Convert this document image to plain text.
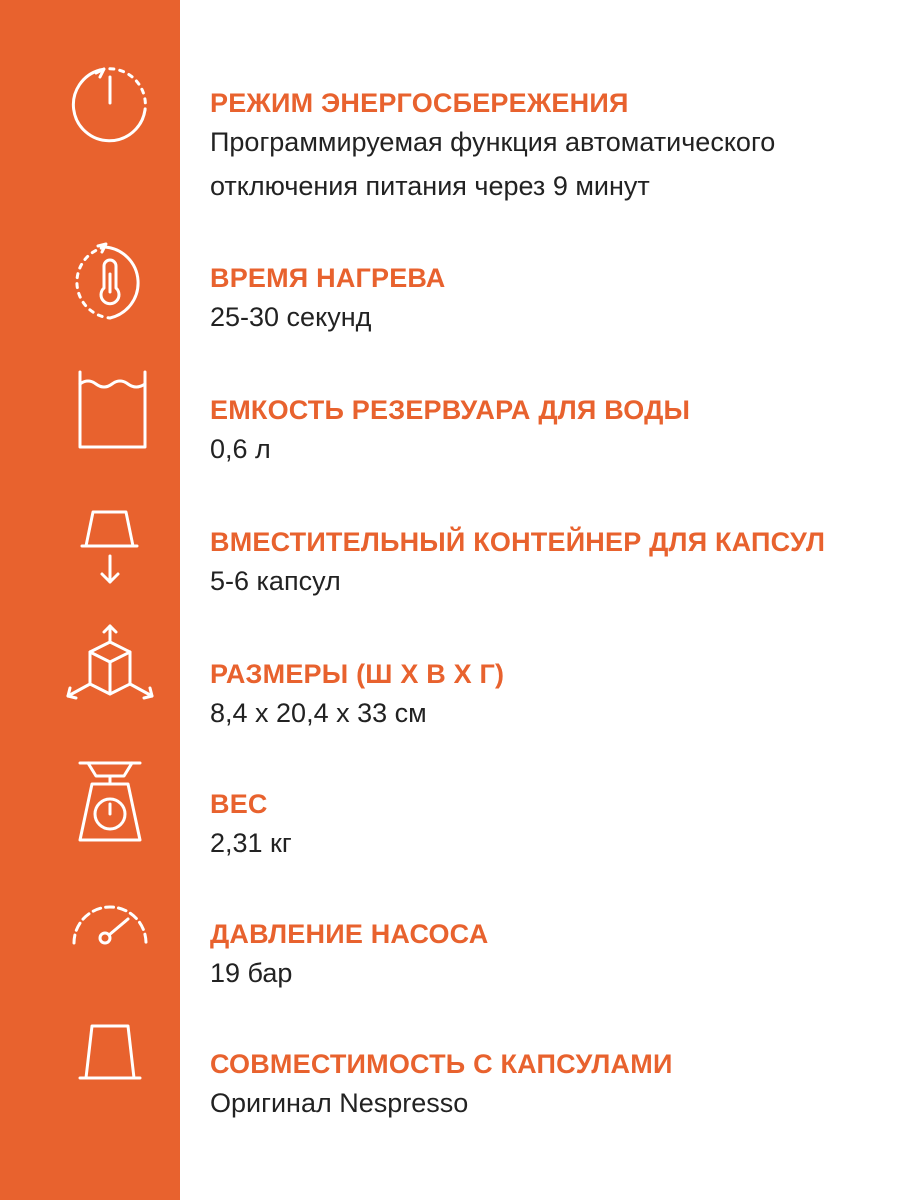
РЕЖИМ ЭНЕРГОСБЕРЕЖЕНИЯ
Программируемая функция автоматического
отключения питания через 9 минут
ВРЕМЯ НАГРЕВА
25-30 секунд
ЕМКОСТЬ РЕЗЕРВУАРА ДЛЯ ВОДЫ
0,6 л
ВМЕСТИТЕЛЬНЫЙ КОНТЕЙНЕР ДЛЯ КАПСУЛ
5-6 капсул
РАЗМЕРЫ (Ш Х В Х Г)
8,4 х 20,4 х 33 см
ВЕС
2,31 кг
ДАВЛЕНИЕ НАСОСА
19 бар
СОВМЕСТИМОСТЬ С КАПСУЛАМИ
Оригинал Nespresso
